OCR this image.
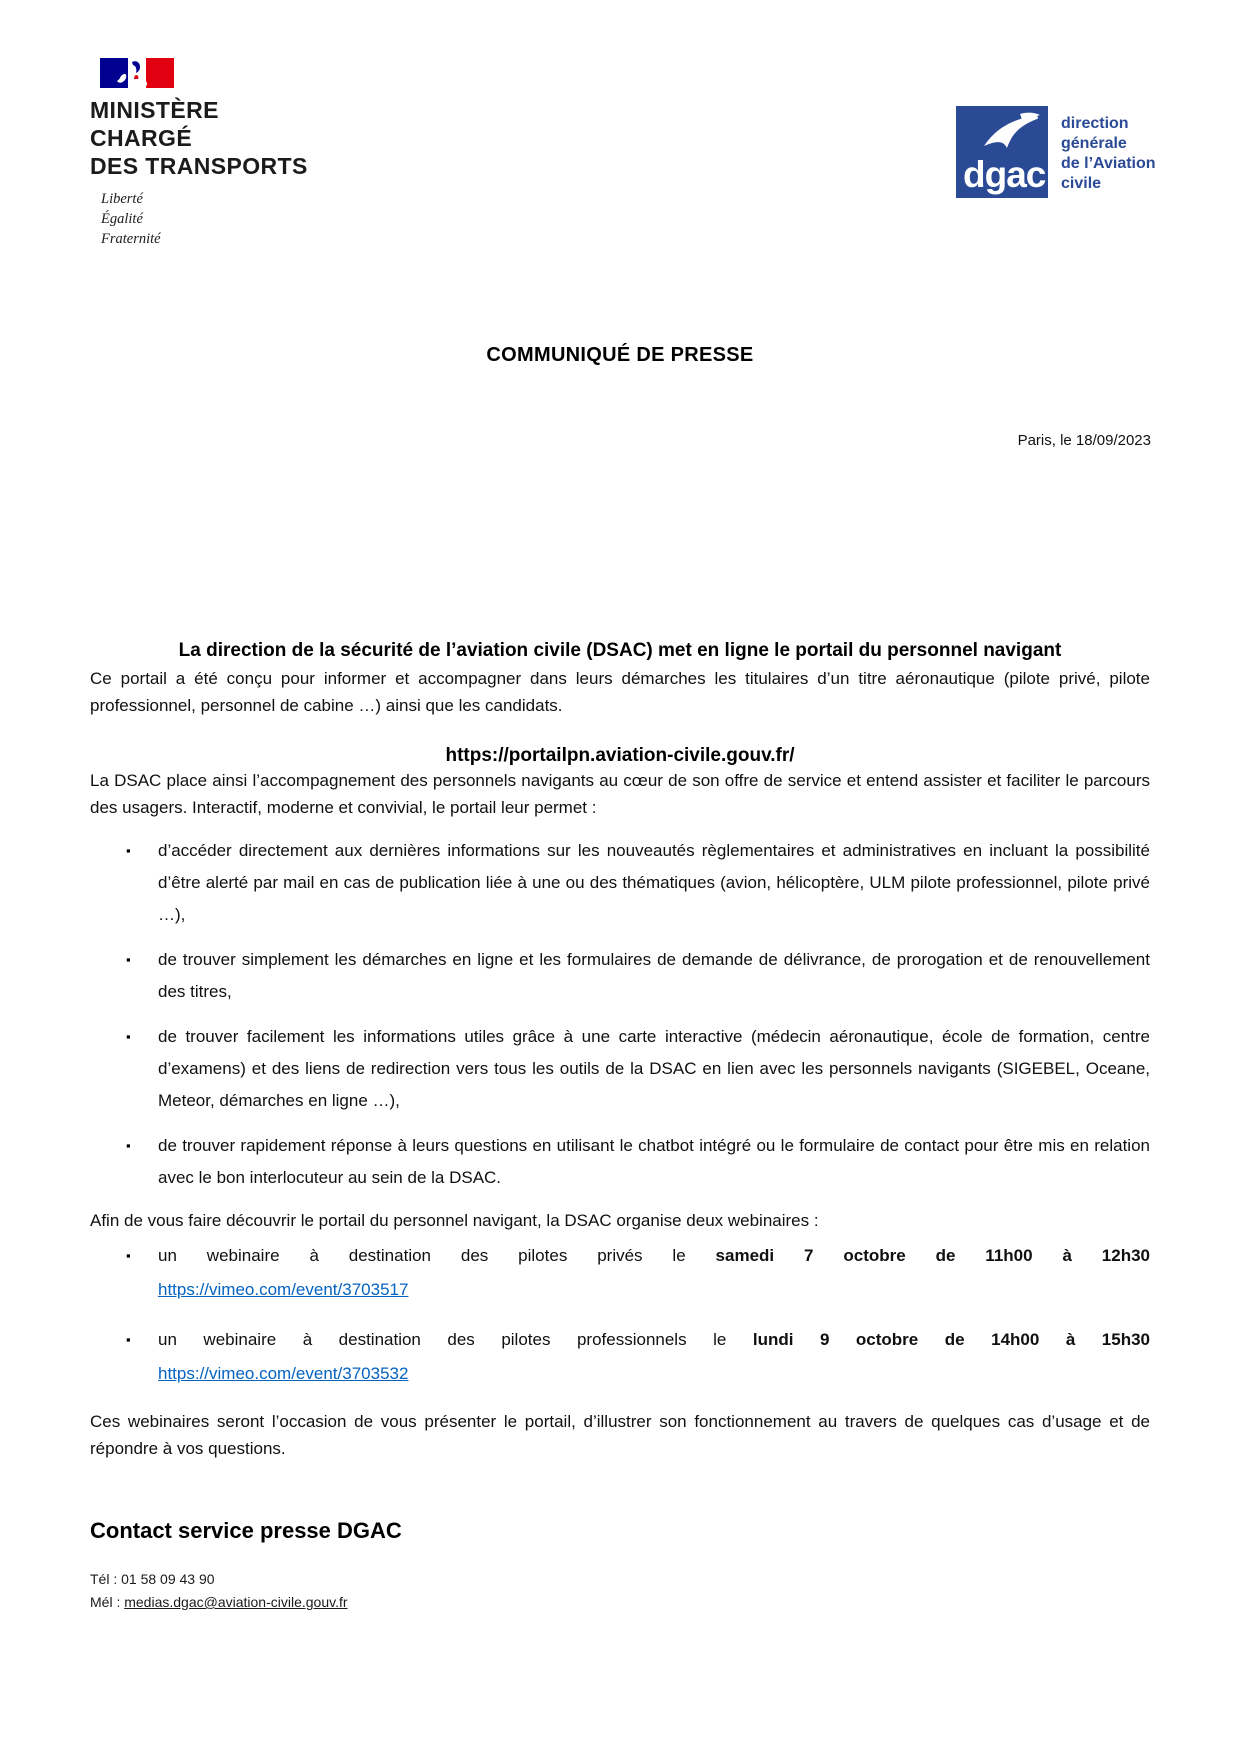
MINISTÈRE
CHARGÉ
DES TRANSPORTS
Liberté
Égalité
Fraternité
dgac
direction
générale
de l’Aviation
civile
COMMUNIQUÉ DE PRESSE
Paris, le 18/09/2023
La direction de la sécurité de l’aviation civile (DSAC) met en ligne le portail du personnel navigant

Ce portail a été conçu pour informer et accompagner dans leurs démarches les titulaires d’un titre aéronautique (pilote privé, pilote professionnel, personnel de cabine …) ainsi que les candidats.

https://portailpn.aviation-civile.gouv.fr/

La DSAC place ainsi l’accompagnement des personnels navigants au cœur de son offre de service et entend assister et faciliter le parcours des usagers. Interactif, moderne et convivial, le portail leur permet :

▪ d’accéder directement aux dernières informations sur les nouveautés règlementaires et administratives en incluant la possibilité d’être alerté par mail en cas de publication liée à une ou des thématiques (avion, hélicoptère, ULM pilote professionnel, pilote privé …),
▪ de trouver simplement les démarches en ligne et les formulaires de demande de délivrance, de prorogation et de renouvellement des titres,
▪ de trouver facilement les informations utiles grâce à une carte interactive (médecin aéronautique, école de formation, centre d’examens) et des liens de redirection vers tous les outils de la DSAC en lien avec les personnels navigants (SIGEBEL, Oceane, Meteor, démarches en ligne …),
▪ de trouver rapidement réponse à leurs questions en utilisant le chatbot intégré ou le formulaire de contact pour être mis en relation avec le bon interlocuteur au sein de la DSAC.

Afin de vous faire découvrir le portail du personnel navigant, la DSAC organise deux webinaires :

▪ un webinaire à destination des pilotes privés le samedi 7 octobre de 11h00 à 12h30
https://vimeo.com/event/3703517
▪ un webinaire à destination des pilotes professionnels le lundi 9 octobre de 14h00 à 15h30
https://vimeo.com/event/3703532

Ces webinaires seront l’occasion de vous présenter le portail, d’illustrer son fonctionnement au travers de quelques cas d’usage et de répondre à vos questions.

Contact service presse DGAC
Tél : 01 58 09 43 90
Mél : medias.dgac@aviation-civile.gouv.fr
